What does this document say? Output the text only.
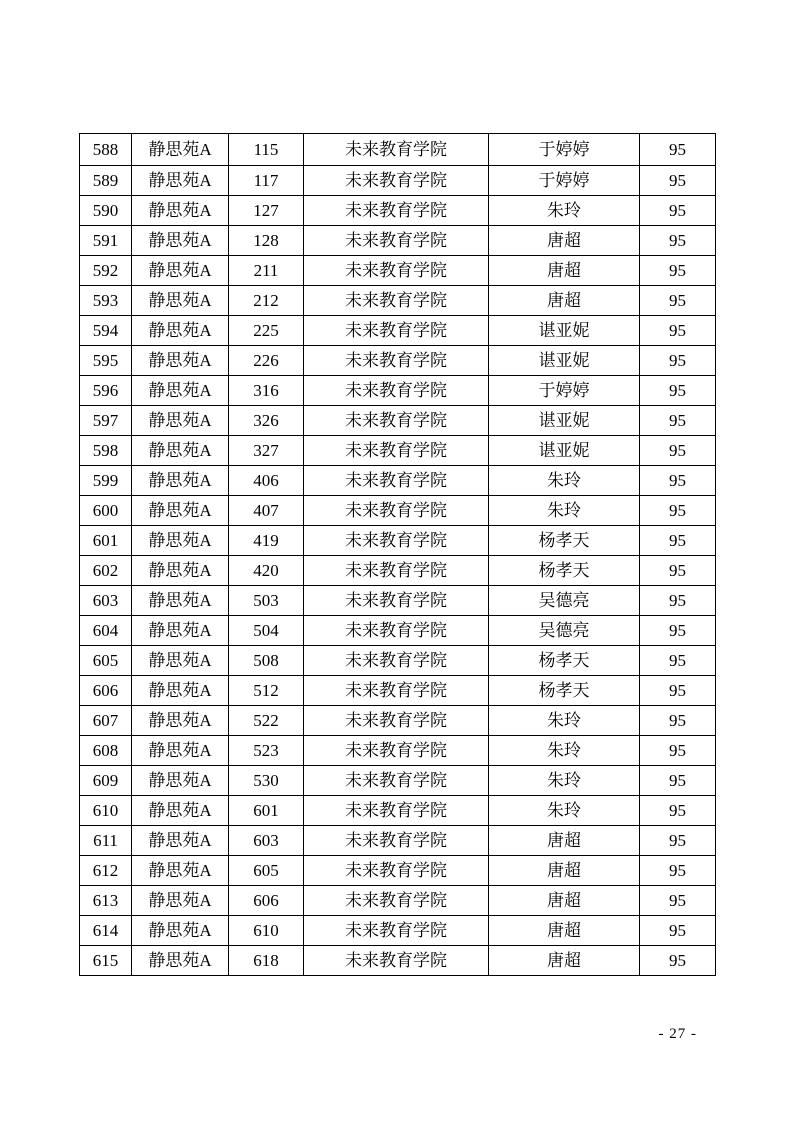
588	静思苑A	115	未来教育学院	于婷婷	95
589	静思苑A	117	未来教育学院	于婷婷	95
590	静思苑A	127	未来教育学院	朱玲	95
591	静思苑A	128	未来教育学院	唐超	95
592	静思苑A	211	未来教育学院	唐超	95
593	静思苑A	212	未来教育学院	唐超	95
594	静思苑A	225	未来教育学院	谌亚妮	95
595	静思苑A	226	未来教育学院	谌亚妮	95
596	静思苑A	316	未来教育学院	于婷婷	95
597	静思苑A	326	未来教育学院	谌亚妮	95
598	静思苑A	327	未来教育学院	谌亚妮	95
599	静思苑A	406	未来教育学院	朱玲	95
600	静思苑A	407	未来教育学院	朱玲	95
601	静思苑A	419	未来教育学院	杨孝天	95
602	静思苑A	420	未来教育学院	杨孝天	95
603	静思苑A	503	未来教育学院	吴德亮	95
604	静思苑A	504	未来教育学院	吴德亮	95
605	静思苑A	508	未来教育学院	杨孝天	95
606	静思苑A	512	未来教育学院	杨孝天	95
607	静思苑A	522	未来教育学院	朱玲	95
608	静思苑A	523	未来教育学院	朱玲	95
609	静思苑A	530	未来教育学院	朱玲	95
610	静思苑A	601	未来教育学院	朱玲	95
611	静思苑A	603	未来教育学院	唐超	95
612	静思苑A	605	未来教育学院	唐超	95
613	静思苑A	606	未来教育学院	唐超	95
614	静思苑A	610	未来教育学院	唐超	95
615	静思苑A	618	未来教育学院	唐超	95
- 27 -
